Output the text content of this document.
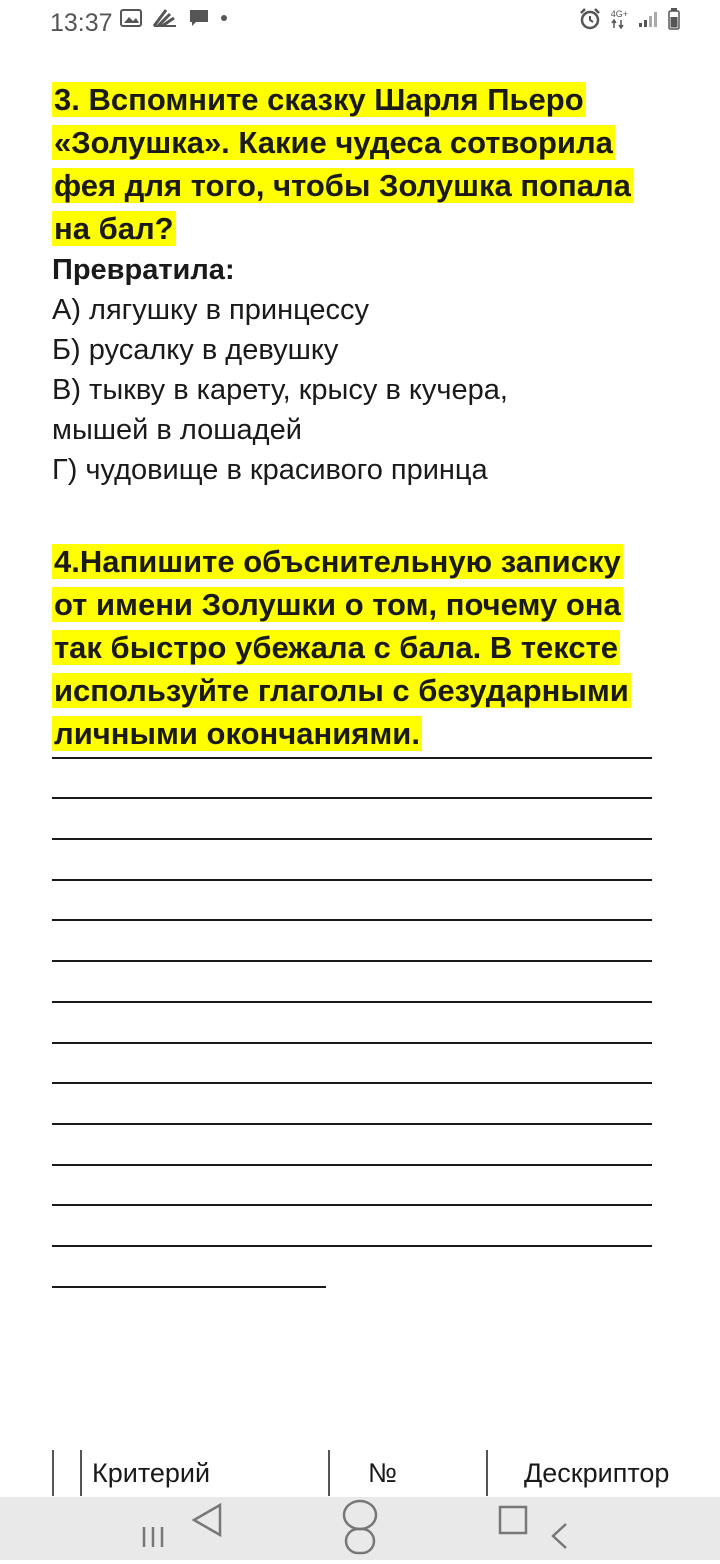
13:37	4G+

3. Вспомните сказку Шарля Пьеро

«Золушка». Какие чудеса сотворила

фея для того, чтобы Золушка попала

на бал?

Превратила:

А) лягушку в принцессу

Б) русалку в девушку

В) тыкву в карету, крысу в кучера,

мышей в лошадей

Г) чудовище в красивого принца

4.Напишите объснительную записку

от имени Золушки о том, почему она

так быстро убежала с бала. В тексте

используйте глаголы с безударными

личными окончаниями.

Критерий	№	Дескриптор
